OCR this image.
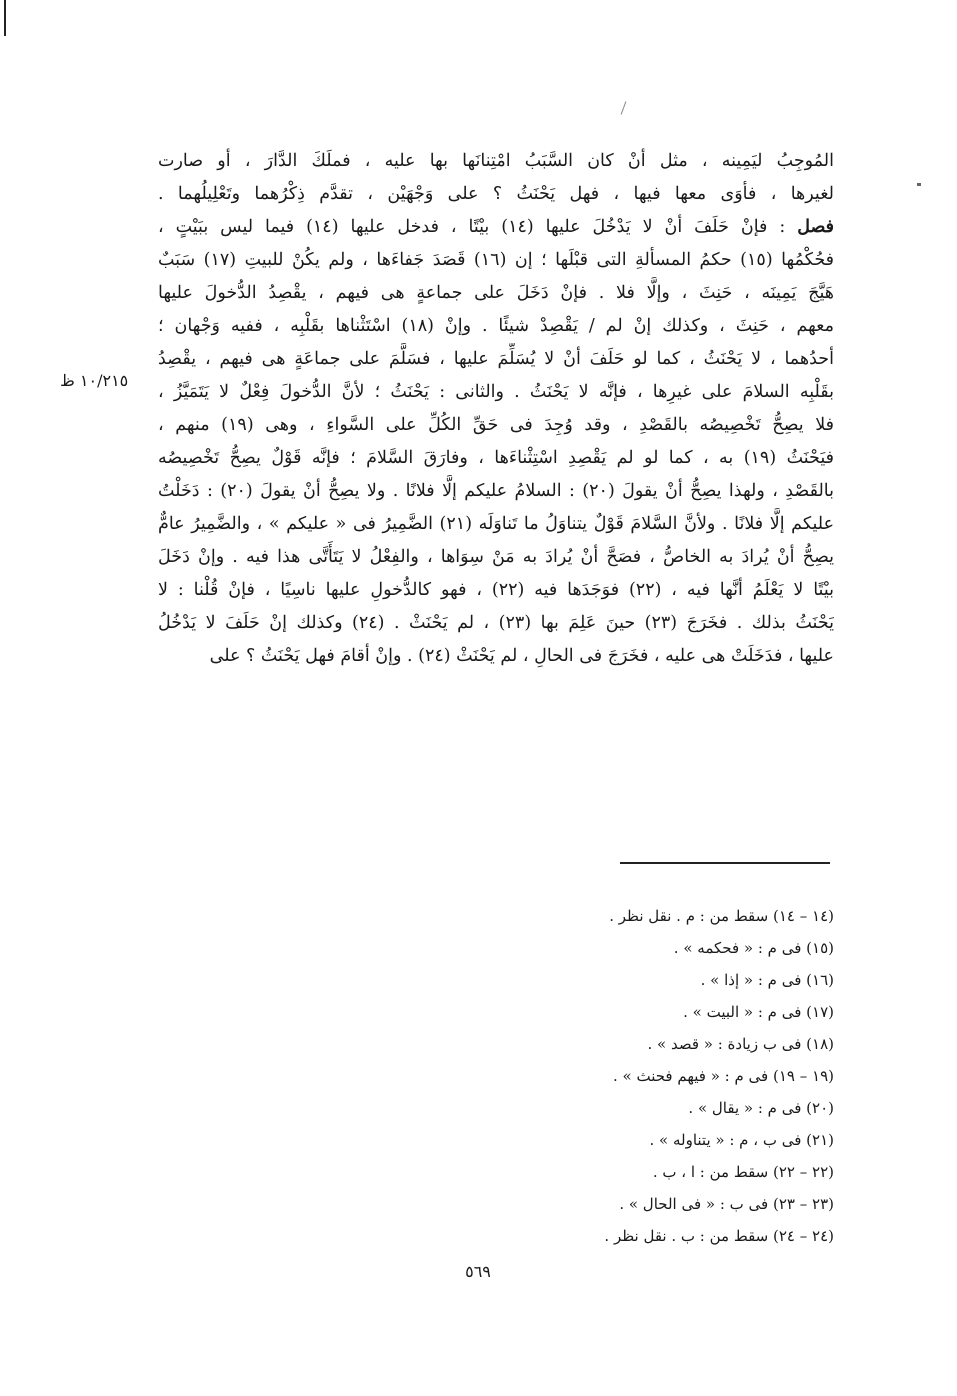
المُوجِبُ ليَمِينه ، مثل أنْ كان السَّبَبُ امْتِنانَها بها عليه ، فملَكَ الدَّارَ ، أو صارت
لغيرها ، فأوَى معها فيها ، فهل يَحْنَثُ ؟ على وَجْهَيْن ، تقدَّم ذِكْرُهما وتَعْلِيلُهما .
فصل : فإنْ حَلَفَ أنْ لا يَدْخُلَ عليها (١٤) بيْتًا ، فدخل عليها (١٤) فيما ليس ببَيْتٍ ،
فحُكْمُها (١٥) حكمُ المسألةِ التى قبْلَها ؛ إن (١٦) قَصَدَ جَفاءَها ، ولم يكُنْ للبيتِ (١٧) سَبَبٌ
هَيَّجَ يَمِينَه ، حَنِثَ ، وإلَّا فلا . فإنْ دَخَلَ على جماعةٍ هى فيهم ، يقْصِدُ الدُّخولَ عليها
معهم ، حَنِثَ ، وكذلك إنْ لم / يَقْصِدْ شيئًا . وإنْ (١٨) اسْتَثْناها بقَلْبِه ، ففيه وَجْهان ؛
أحدُهما ، لا يَحْنَثُ ، كما لو حَلَفَ أنْ لا يُسَلِّمَ عليها ، فسَلَّمَ على جماعَةٍ هى فيهم ، يقْصِدُ
بقَلْبِه السلامَ على غيرِها ، فإنَّه لا يَحْنَثُ . والثانى : يَحْنَثُ ؛ لأنَّ الدُّخولَ فِعْلٌ لا يَتَمَيَّزُ ،
فلا يصِحُّ تَخْصِيصُه بالقَصْدِ ، وقد وُجِدَ فى حَقِّ الكُلِّ على السَّواءِ ، وهى (١٩) منهم ،
فيَحْنَثُ (١٩) به ، كما لو لم يَقْصِدِ اسْتِثْناءَها ، وفارَقَ السَّلامَ ؛ فإنَّه قَوْلٌ يصِحُّ تَخْصِيصُه
بالقَصْدِ ، ولهذا يصِحُّ أنْ يقولَ (٢٠) : السلامُ عليكم إلَّا فلانًا . ولا يصِحُّ أنْ يقولَ (٢٠) : دَخَلْتُ
عليكم إلَّا فلانًا . ولأنَّ السَّلامَ قَوْلٌ يتناوَلُ ما تَناوَلَه (٢١) الضَّمِيرُ فى « عليكم » ، والضَّمِيرُ عامٌّ
يصِحُّ أنْ يُرادَ به الخاصُّ ، فصَحَّ أنْ يُرادَ به مَنْ سِوَاها ، والفِعْلُ لا يَتَأَتَّى هذا فيه . وإنْ دَخَلَ
بيْتًا لا يَعْلَمُ أنَّها فيه ، (٢٢) فوَجَدَها فيه (٢٢) ، فهو كالدُّخولِ عليها ناسِيًا ، فإنْ قُلْنا : لا
يَحْنَثُ بذلك . فخَرَجَ (٢٣) حينَ عَلِمَ بها (٢٣) ، لم يَحْنَثْ . (٢٤) وكذلك إنْ حَلَفَ لا يَدْخُلُ
عليها ، فدَخَلَتْ هى عليه ، فخَرَجَ فى الحالِ ، لم يَحْنَثْ (٢٤) . وإنْ أقامَ فهل يَحْنَثُ ؟ على
١٠/٢١٥ ظ
(١٤ – ١٤) سقط من : م . نقل نظر .
(١٥) فى م : « فحكمه » .
(١٦) فى م : « إذا » .
(١٧) فى م : « البيت » .
(١٨) فى ب زيادة : « قصد » .
(١٩ – ١٩) فى م : « فيهم فحنث » .
(٢٠) فى م : « يقال » .
(٢١) فى ب ، م : « يتناوله » .
(٢٢ – ٢٢) سقط من : ا ، ب .
(٢٣ – ٢٣) فى ب : « فى الحال » .
(٢٤ – ٢٤) سقط من : ب . نقل نظر .
٥٦٩
